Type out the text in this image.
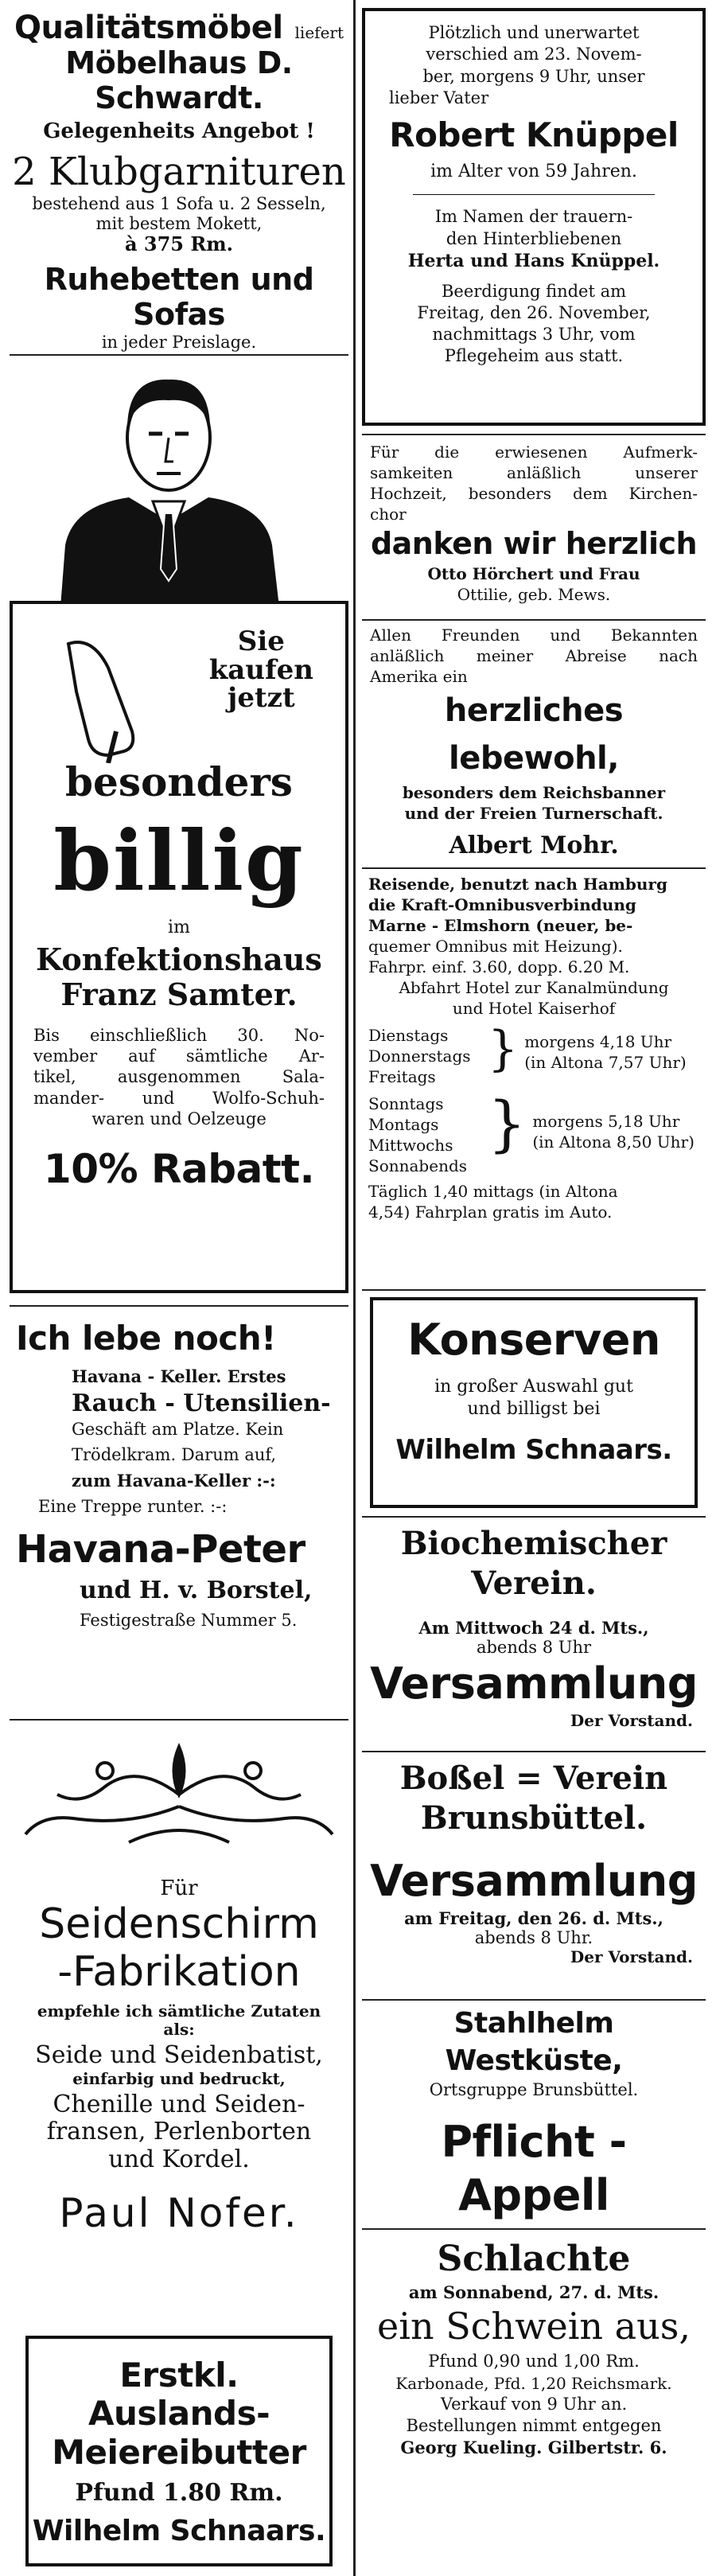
Qualitätsmöbel liefert
Möbelhaus D. Schwardt.
Gelegenheits Angebot !
2 Klubgarnituren
bestehend aus 1 Sofa u. 2 Sesseln,
mit bestem Mokett,
à 375 Rm.
Ruhebetten und Sofas
in jeder Preislage.
Sie
kaufen
jetzt
besonders
billig
im
Konfektionshaus
Franz Samter.
Bis einschließlich 30. No-
vember auf sämtliche Ar-
tikel, ausgenommen Sala-
mander- und Wolfo-Schuh-
waren und Oelzeuge
10% Rabatt.
Ich lebe noch!
Havana - Keller. Erstes
Rauch - Utensilien-
Geschäft am Platze. Kein
Trödelkram. Darum auf,
zum Havana-Keller :-:
Eine Treppe runter. :-:
Havana-Peter
und H. v. Borstel,
Festigestraße Nummer 5.
Für
Seidenschirm
-Fabrikation
empfehle ich sämtliche Zutaten
als:
Seide und Seidenbatist,
einfarbig und bedruckt,
Chenille und Seiden-
fransen, Perlenborten
und Kordel.
Paul Nofer.
Erstkl. Auslands-
Meiereibutter
Pfund 1.80 Rm.
Wilhelm Schnaars.
Plötzlich und unerwartet
verschied am 23. Novem-
ber, morgens 9 Uhr, unser
lieber Vater
Robert Knüppel
im Alter von 59 Jahren.
Im Namen der trauern-
den Hinterbliebenen
Herta und Hans Knüppel.
Beerdigung findet am
Freitag, den 26. November,
nachmittags 3 Uhr, vom
Pflegeheim aus statt.
Für die erwiesenen Aufmerk-
samkeiten anläßlich unserer
Hochzeit, besonders dem Kirchen-
chor
danken wir herzlich
Otto Hörchert und Frau
Ottilie, geb. Mews.
Allen Freunden und Bekannten
anläßlich meiner Abreise nach
Amerika ein
herzliches lebewohl,
besonders dem Reichsbanner
und der Freien Turnerschaft.
Albert Mohr.
Reisende, benutzt nach Hamburg
die Kraft-Omnibusverbindung
Marne - Elmshorn (neuer, be-
quemer Omnibus mit Heizung).
Fahrpr. einf. 3.60, dopp. 6.20 M.
Abfahrt Hotel zur Kanalmündung
und Hotel Kaiserhof
Dienstags
Donnerstags
Freitags	} morgens 4,18 Uhr
(in Altona 7,57 Uhr)
Sonntags
Montags
Mittwochs
Sonnabends
} morgens 5,18 Uhr
(in Altona 8,50 Uhr)
Täglich 1,40 mittags (in Altona
4,54) Fahrplan gratis im Auto.
Konserven
in großer Auswahl gut
und billigst bei
Wilhelm Schnaars.
Biochemischer
Verein.
Am Mittwoch 24 d. Mts.,
abends 8 Uhr
Versammlung
Der Vorstand.
Boßel = Verein
Brunsbüttel.
Versammlung
am Freitag, den 26. d. Mts.,
abends 8 Uhr.
Der Vorstand.
Stahlhelm Westküste,
Ortsgruppe Brunsbüttel.
Pflicht - Appell
Schlachte
am Sonnabend, 27. d. Mts.
ein Schwein aus,
Pfund 0,90 und 1,00 Rm.
Karbonade, Pfd. 1,20 Reichsmark.
Verkauf von 9 Uhr an.
Bestellungen nimmt entgegen
Georg Kueling. Gilbertstr. 6.
